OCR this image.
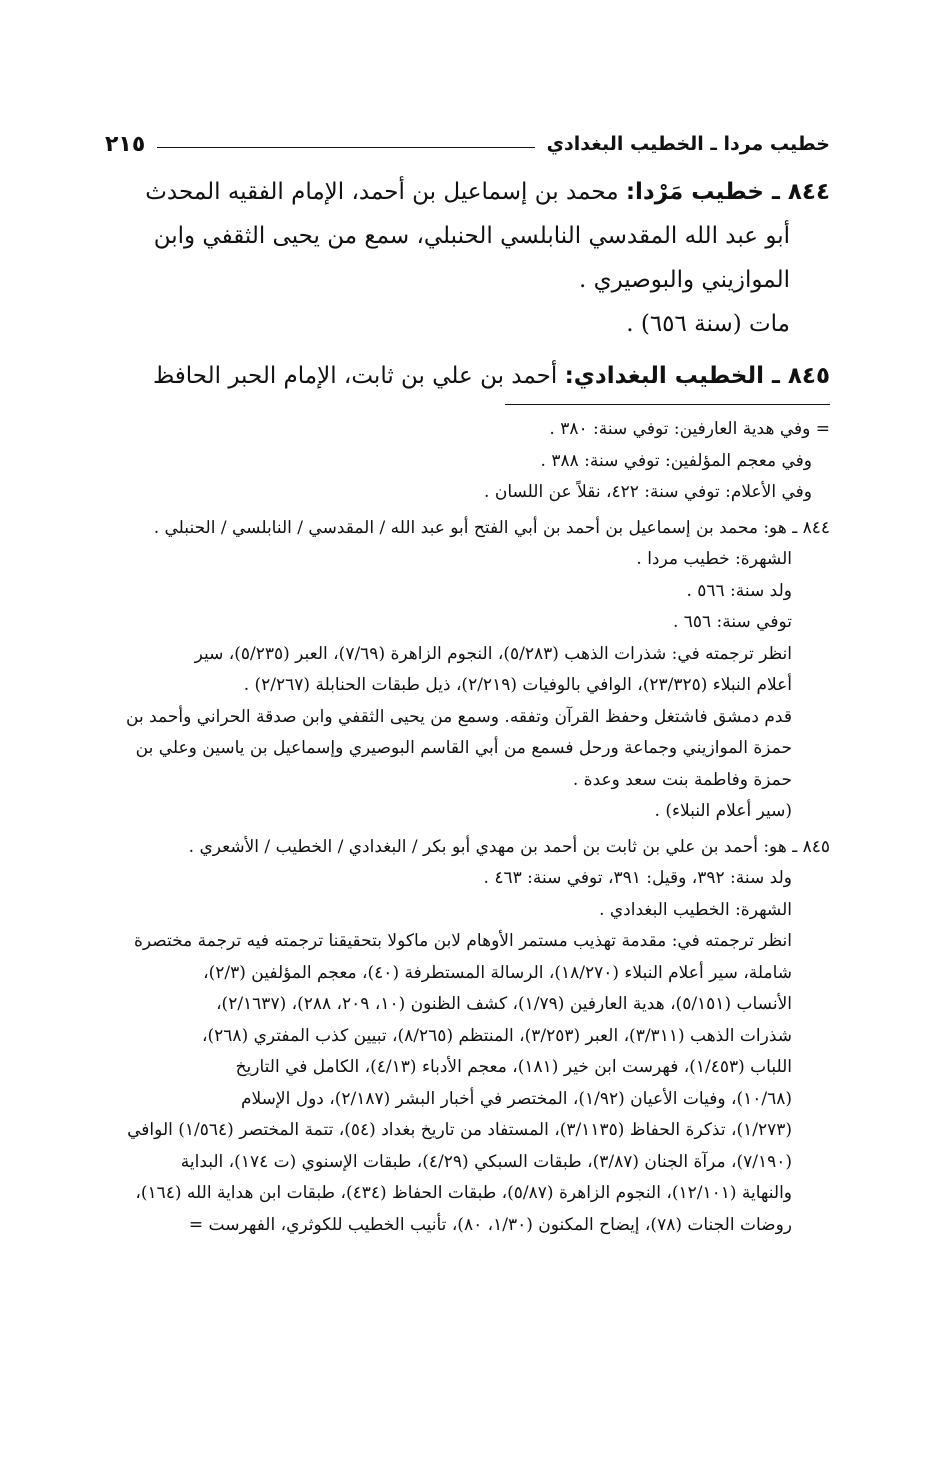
خطيب مردا ـ الخطيب البغدادي
٢١٥
٨٤٤ ـ خطيب مَرْدا: محمد بن إسماعيل بن أحمد، الإمام الفقيه المحدث
أبو عبد الله المقدسي النابلسي الحنبلي، سمع من يحيى الثقفي وابن
الموازيني والبوصيري .
مات (سنة ٦٥٦) .
٨٤٥ ـ الخطيب البغدادي: أحمد بن علي بن ثابت، الإمام الحبر الحافظ

= وفي هدية العارفين: توفي سنة: ٣٨٠ .

وفي معجم المؤلفين: توفي سنة: ٣٨٨ .

وفي الأعلام: توفي سنة: ٤٢٢، نقلاً عن اللسان .

٨٤٤ ـ هو: محمد بن إسماعيل بن أحمد بن أبي الفتح أبو عبد الله / المقدسي / النابلسي / الحنبلي .

الشهرة: خطيب مردا .

ولد سنة: ٥٦٦ .

توفي سنة: ٦٥٦ .

انظر ترجمته في: شذرات الذهب (٥/٢٨٣)، النجوم الزاهرة (٧/٦٩)، العبر (٥/٢٣٥)، سير

أعلام النبلاء (٢٣/٣٢٥)، الوافي بالوفيات (٢/٢١٩)، ذيل طبقات الحنابلة (٢/٢٦٧) .

قدم دمشق فاشتغل وحفظ القرآن وتفقه. وسمع من يحيى الثقفي وابن صدقة الحراني وأحمد بن

حمزة الموازيني وجماعة ورحل فسمع من أبي القاسم البوصيري وإسماعيل بن ياسين وعلي بن

حمزة وفاطمة بنت سعد وعدة .

(سير أعلام النبلاء) .

٨٤٥ ـ هو: أحمد بن علي بن ثابت بن أحمد بن مهدي أبو بكر / البغدادي / الخطيب / الأشعري .

ولد سنة: ٣٩٢، وقيل: ٣٩١، توفي سنة: ٤٦٣ .

الشهرة: الخطيب البغدادي .

انظر ترجمته في: مقدمة تهذيب مستمر الأوهام لابن ماكولا بتحقيقنا ترجمته فيه ترجمة مختصرة

شاملة، سير أعلام النبلاء (١٨/٢٧٠)، الرسالة المستطرفة (٤٠)، معجم المؤلفين (٢/٣)،

الأنساب (٥/١٥١)، هدية العارفين (١/٧٩)، كشف الظنون (١٠، ٢٠٩، ٢٨٨)، (٢/١٦٣٧)،

شذرات الذهب (٣/٣١١)، العبر (٣/٢٥٣)، المنتظم (٨/٢٦٥)، تبيين كذب المفتري (٢٦٨)،

اللباب (١/٤٥٣)، فهرست ابن خير (١٨١)، معجم الأدباء (٤/١٣)، الكامل في التاريخ

(١٠/٦٨)، وفيات الأعيان (١/٩٢)، المختصر في أخبار البشر (٢/١٨٧)، دول الإسلام

(١/٢٧٣)، تذكرة الحفاظ (٣/١١٣٥)، المستفاد من تاريخ بغداد (٥٤)، تتمة المختصر (١/٥٦٤) الوافي

(٧/١٩٠)، مرآة الجنان (٣/٨٧)، طبقات السبكي (٤/٢٩)، طبقات الإسنوي (ت ١٧٤)، البداية

والنهاية (١٢/١٠١)، النجوم الزاهرة (٥/٨٧)، طبقات الحفاظ (٤٣٤)، طبقات ابن هداية الله (١٦٤)،

روضات الجنات (٧٨)، إيضاح المكنون (١/٣٠، ٨٠)، تأنيب الخطيب للكوثري، الفهرست =
